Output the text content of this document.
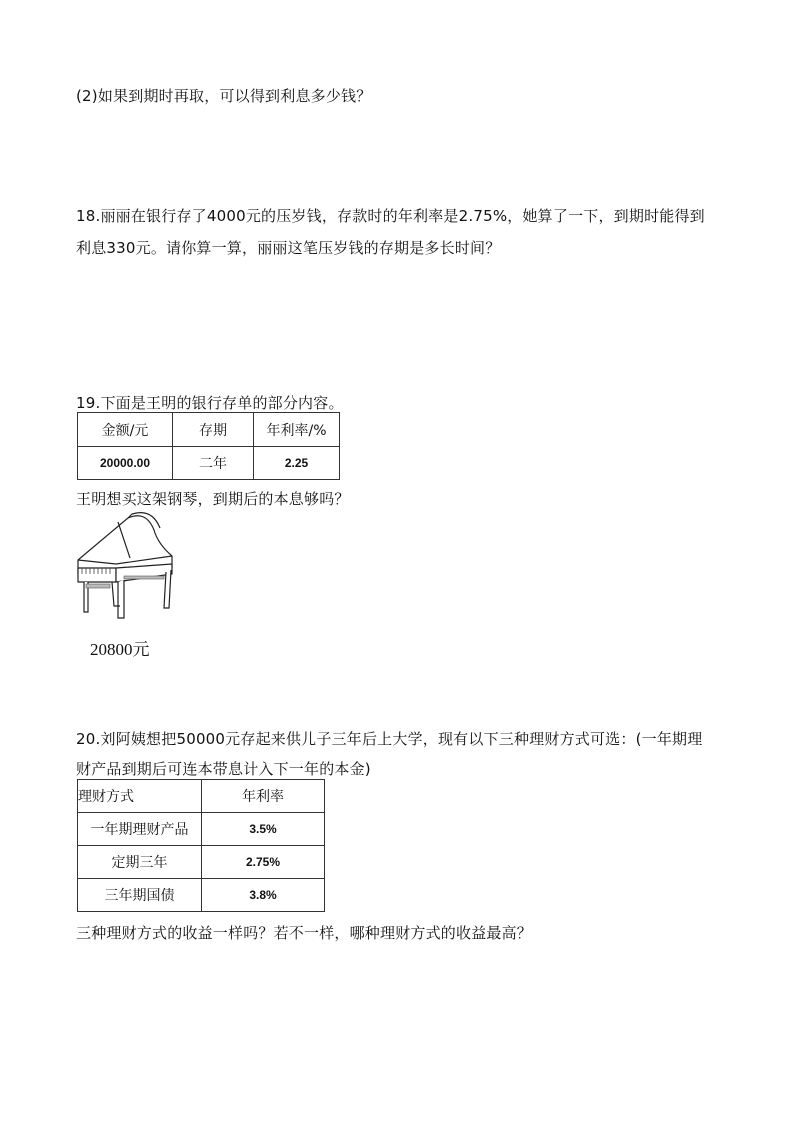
(2)如果到期时再取，可以得到利息多少钱？
18.丽丽在银行存了4000元的压岁钱，存款时的年利率是2.75%，她算了一下，到期时能得到
利息330元。请你算一算，丽丽这笔压岁钱的存期是多长时间？
19.下面是王明的银行存单的部分内容。
金额/元	存期	年利率/%
20000.00	二年	2.25
王明想买这架钢琴，到期后的本息够吗？
20800元
20.刘阿姨想把50000元存起来供儿子三年后上大学，现有以下三种理财方式可选：(一年期理
财产品到期后可连本带息计入下一年的本金)
理财方式	年利率
一年期理财产品	3.5%
定期三年	2.75%
三年期国债	3.8%
三种理财方式的收益一样吗？若不一样，哪种理财方式的收益最高？
